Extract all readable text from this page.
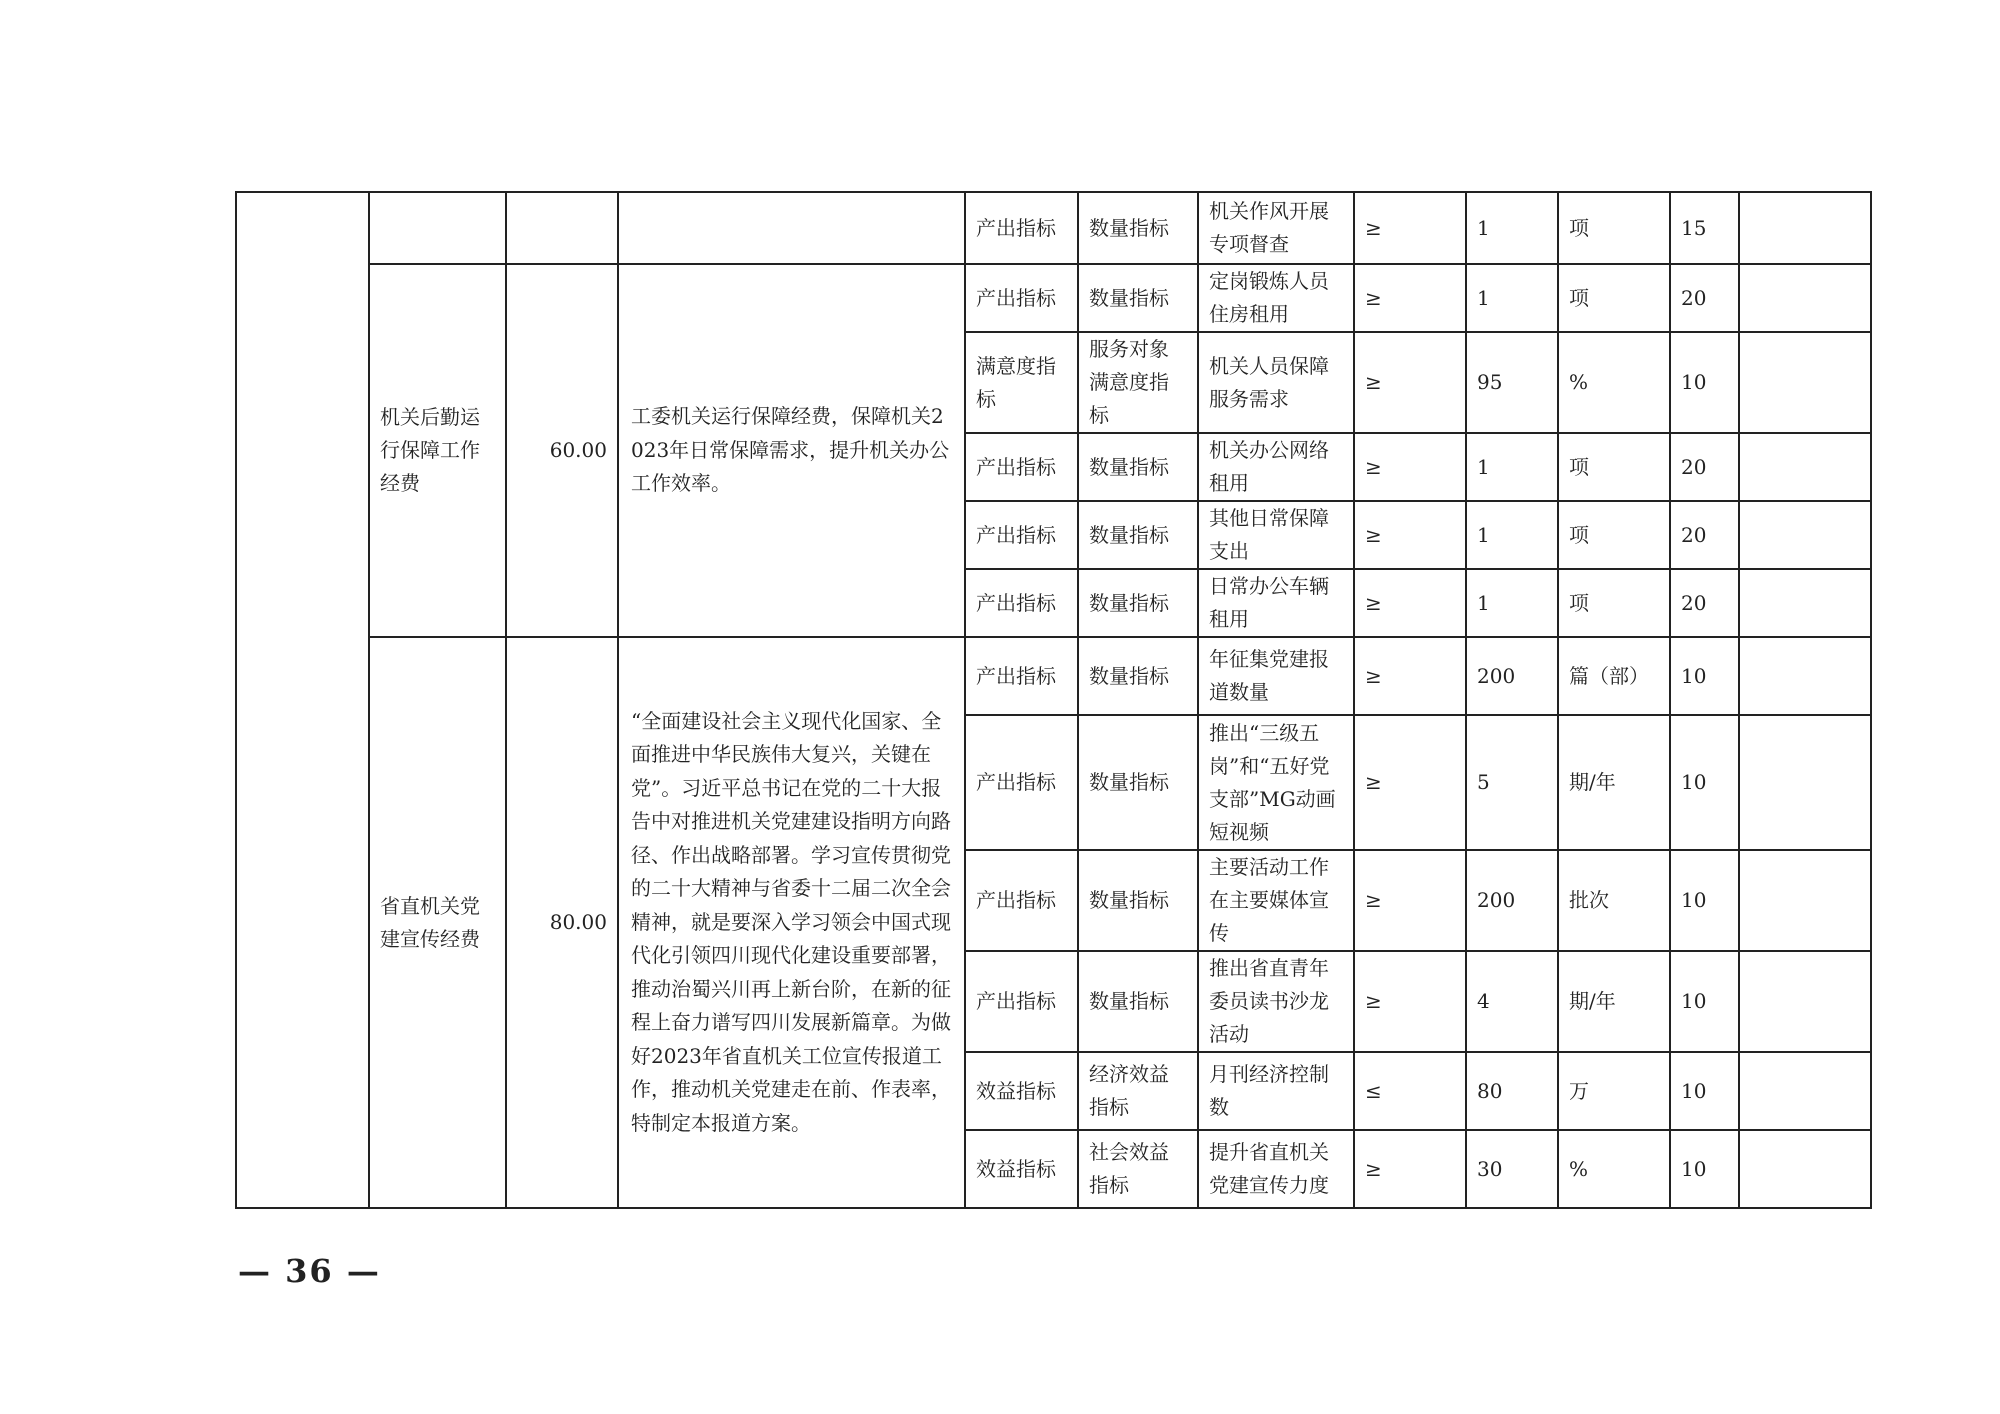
				产出指标	数量指标	机关作风开展专项督查	≥	1	项	15	
	机关后勤运行保障工作经费	60.00	工委机关运行保障经费，保障机关2023年日常保障需求，提升机关办公工作效率。	产出指标	数量指标	定岗锻炼人员住房租用	≥	1	项	20	
				满意度指标	服务对象满意度指标	机关人员保障服务需求	≥	95	%	10	
				产出指标	数量指标	机关办公网络租用	≥	1	项	20	
				产出指标	数量指标	其他日常保障支出	≥	1	项	20	
				产出指标	数量指标	日常办公车辆租用	≥	1	项	20	
	省直机关党建宣传经费	80.00	“全面建设社会主义现代化国家、全面推进中华民族伟大复兴，关键在党”。习近平总书记在党的二十大报告中对推进机关党建建设指明方向路径、作出战略部署。学习宣传贯彻党的二十大精神与省委十二届二次全会精神，就是要深入学习领会中国式现代化引领四川现代化建设重要部署，推动治蜀兴川再上新台阶，在新的征程上奋力谱写四川发展新篇章。为做好2023年省直机关工位宣传报道工作，推动机关党建走在前、作表率，特制定本报道方案。	产出指标	数量指标	年征集党建报道数量	≥	200	篇（部）	10	
				产出指标	数量指标	推出“三级五岗”和“五好党支部”MG动画短视频	≥	5	期/年	10	
				产出指标	数量指标	主要活动工作在主要媒体宣传	≥	200	批次	10	
				产出指标	数量指标	推出省直青年委员读书沙龙活动	≥	4	期/年	10	
				效益指标	经济效益指标	月刊经济控制数	≤	80	万	10	
				效益指标	社会效益指标	提升省直机关党建宣传力度	≥	30	%	10	
— 36 —
